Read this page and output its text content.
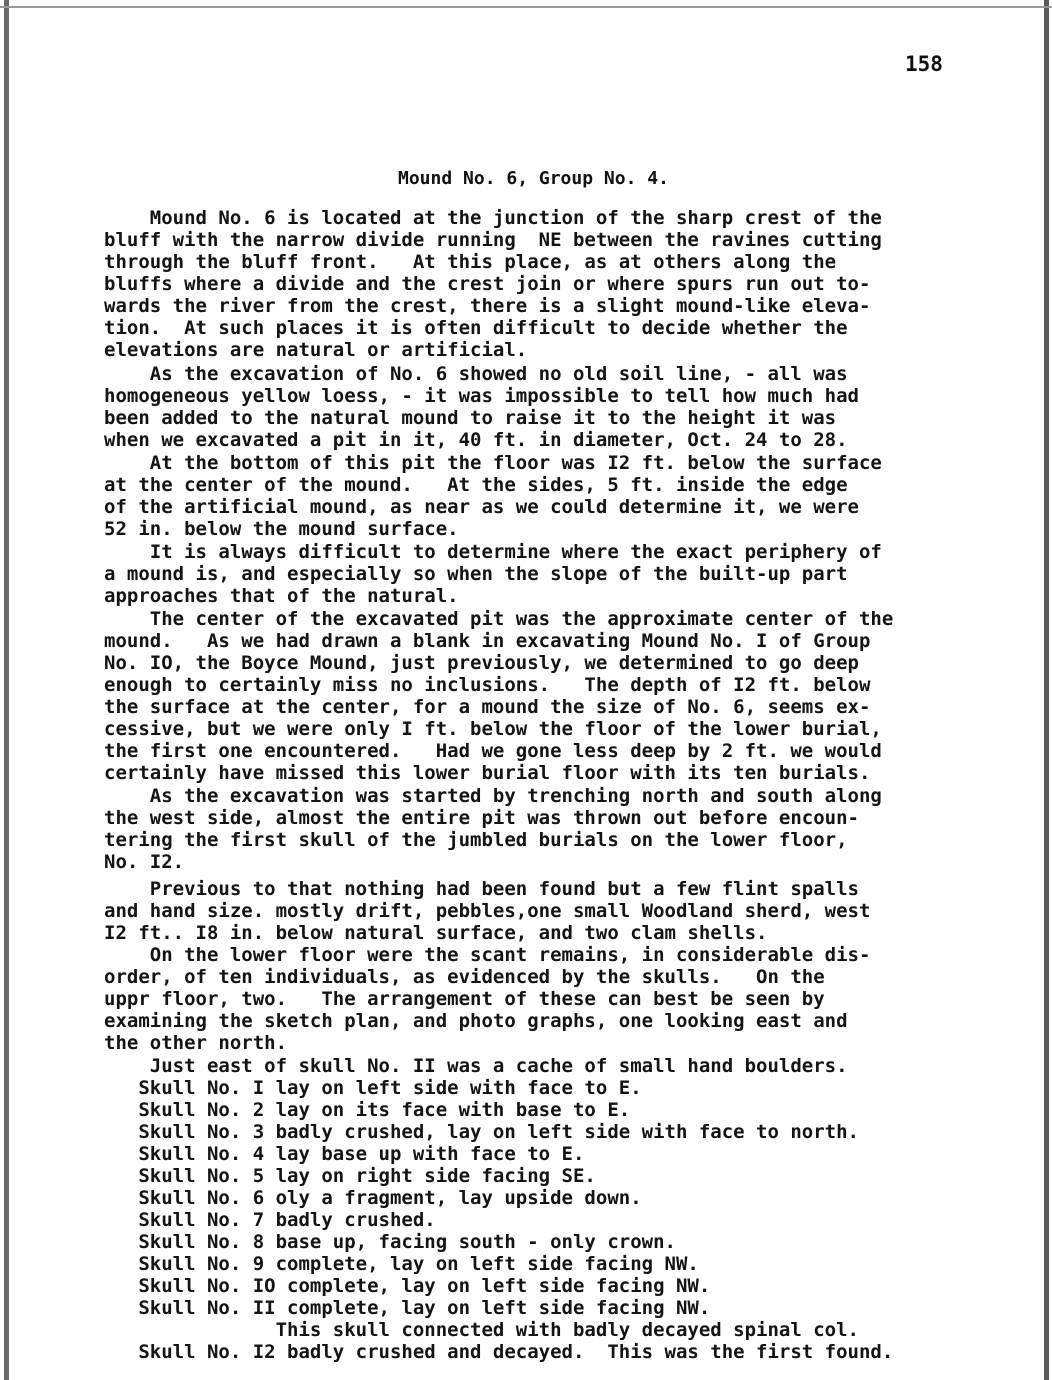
158
Mound No. 6, Group No. 4.
Mound No. 6 is located at the junction of the sharp crest of the
bluff with the narrow divide running  NE between the ravines cutting
through the bluff front.   At this place, as at others along the
bluffs where a divide and the crest join or where spurs run out to-
wards the river from the crest, there is a slight mound-like eleva-
tion.  At such places it is often difficult to decide whether the
elevations are natural or artificial.
As the excavation of No. 6 showed no old soil line, - all was
homogeneous yellow loess, - it was impossible to tell how much had
been added to the natural mound to raise it to the height it was
when we excavated a pit in it, 40 ft. in diameter, Oct. 24 to 28.
At the bottom of this pit the floor was I2 ft. below the surface
at the center of the mound.   At the sides, 5 ft. inside the edge
of the artificial mound, as near as we could determine it, we were
52 in. below the mound surface.
It is always difficult to determine where the exact periphery of
a mound is, and especially so when the slope of the built-up part
approaches that of the natural.
The center of the excavated pit was the approximate center of the
mound.   As we had drawn a blank in excavating Mound No. I of Group
No. IO, the Boyce Mound, just previously, we determined to go deep
enough to certainly miss no inclusions.   The depth of I2 ft. below
the surface at the center, for a mound the size of No. 6, seems ex-
cessive, but we were only I ft. below the floor of the lower burial,
the first one encountered.   Had we gone less deep by 2 ft. we would
certainly have missed this lower burial floor with its ten burials.
As the excavation was started by trenching north and south along
the west side, almost the entire pit was thrown out before encoun-
tering the first skull of the jumbled burials on the lower floor,
No. I2.
Previous to that nothing had been found but a few flint spalls
and hand size. mostly drift, pebbles,one small Woodland sherd, west
I2 ft.. I8 in. below natural surface, and two clam shells.
On the lower floor were the scant remains, in considerable dis-
order, of ten individuals, as evidenced by the skulls.   On the
uppr floor, two.   The arrangement of these can best be seen by
examining the sketch plan, and photo graphs, one looking east and
the other north.
Just east of skull No. II was a cache of small hand boulders.
Skull No. I lay on left side with face to E.
Skull No. 2 lay on its face with base to E.
Skull No. 3 badly crushed, lay on left side with face to north.
Skull No. 4 lay base up with face to E.
Skull No. 5 lay on right side facing SE.
Skull No. 6 oly a fragment, lay upside down.
Skull No. 7 badly crushed.
Skull No. 8 base up, facing south - only crown.
Skull No. 9 complete, lay on left side facing NW.
Skull No. IO complete, lay on left side facing NW.
Skull No. II complete, lay on left side facing NW.
This skull connected with badly decayed spinal col.
Skull No. I2 badly crushed and decayed.  This was the first found.
